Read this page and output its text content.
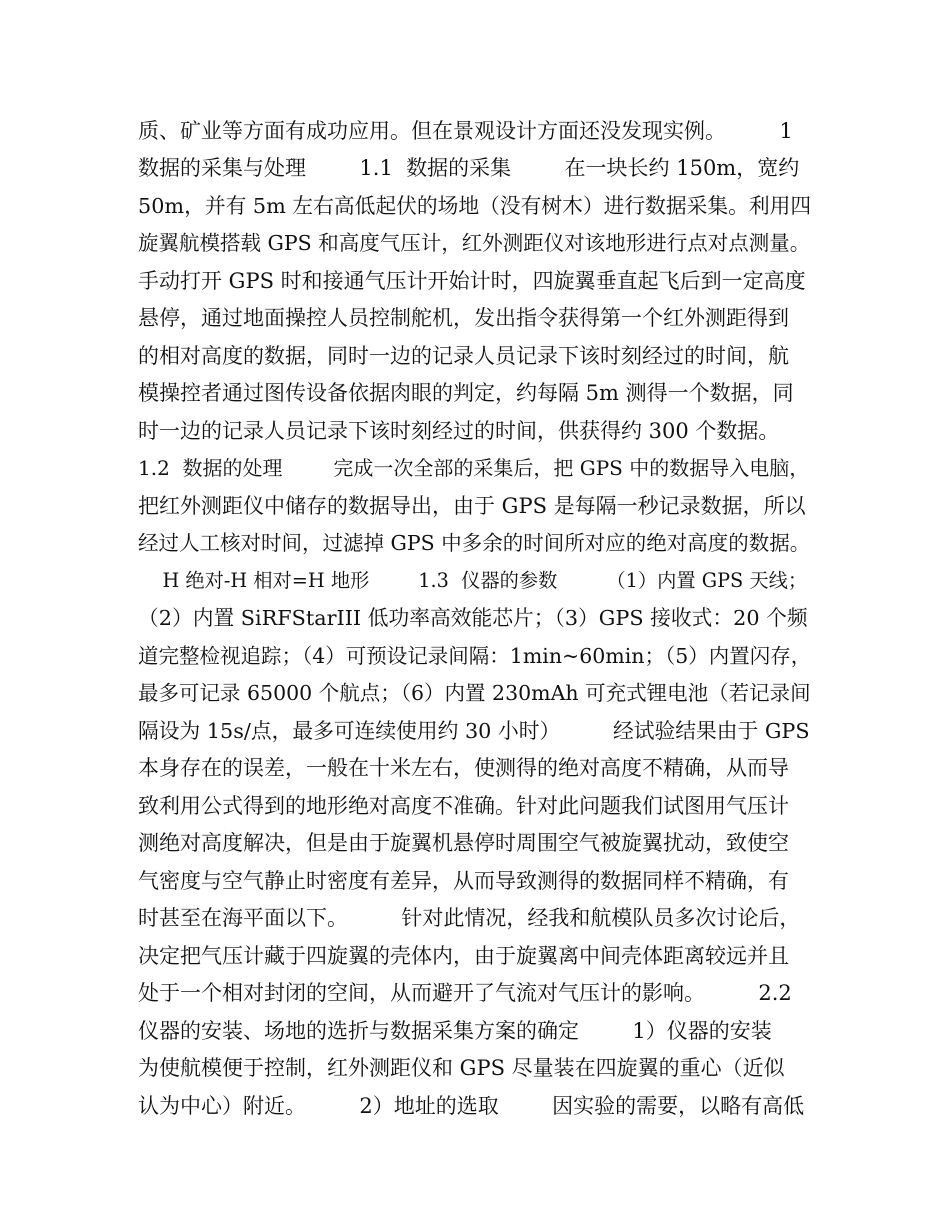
质、矿业等方面有成功应用。但在景观设计方面还没发现实例。        1

数据的采集与处理        1.1  数据的采集        在一块长约 150m，宽约

50m，并有 5m 左右高低起伏的场地（没有树木）进行数据采集。利用四

旋翼航模搭载 GPS 和高度气压计，红外测距仪对该地形进行点对点测量。

手动打开 GPS 时和接通气压计开始计时，四旋翼垂直起飞后到一定高度

悬停，通过地面操控人员控制舵机，发出指令获得第一个红外测距得到

的相对高度的数据，同时一边的记录人员记录下该时刻经过的时间，航

模操控者通过图传设备依据肉眼的判定，约每隔 5m 测得一个数据，同

时一边的记录人员记录下该时刻经过的时间，供获得约 300 个数据。

1.2  数据的处理        完成一次全部的采集后，把 GPS 中的数据导入电脑，

把红外测距仪中储存的数据导出，由于 GPS 是每隔一秒记录数据，所以

经过人工核对时间，过滤掉 GPS 中多余的时间所对应的绝对高度的数据。

H 绝对-H 相对=H 地形        1.3  仪器的参数        （1）内置 GPS 天线；

（2）内置 SiRFStarIII 低功率高效能芯片；（3）GPS 接收式：20 个频

道完整检视追踪；（4）可预设记录间隔：1min~60min；（5）内置闪存，

最多可记录 65000 个航点；（6）内置 230mAh 可充式锂电池（若记录间

隔设为 15s/点，最多可连续使用约 30 小时）        经试验结果由于 GPS

本身存在的误差，一般在十米左右，使测得的绝对高度不精确，从而导

致利用公式得到的地形绝对高度不准确。针对此问题我们试图用气压计

测绝对高度解决，但是由于旋翼机悬停时周围空气被旋翼扰动，致使空

气密度与空气静止时密度有差异，从而导致测得的数据同样不精确，有

时甚至在海平面以下。        针对此情况，经我和航模队员多次讨论后，

决定把气压计藏于四旋翼的壳体内，由于旋翼离中间壳体距离较远并且

处于一个相对封闭的空间，从而避开了气流对气压计的影响。        2.2

仪器的安装、场地的选折与数据采集方案的确定        1）仪器的安装

为使航模便于控制，红外测距仪和 GPS 尽量装在四旋翼的重心（近似

认为中心）附近。        2）地址的选取        因实验的需要，以略有高低
